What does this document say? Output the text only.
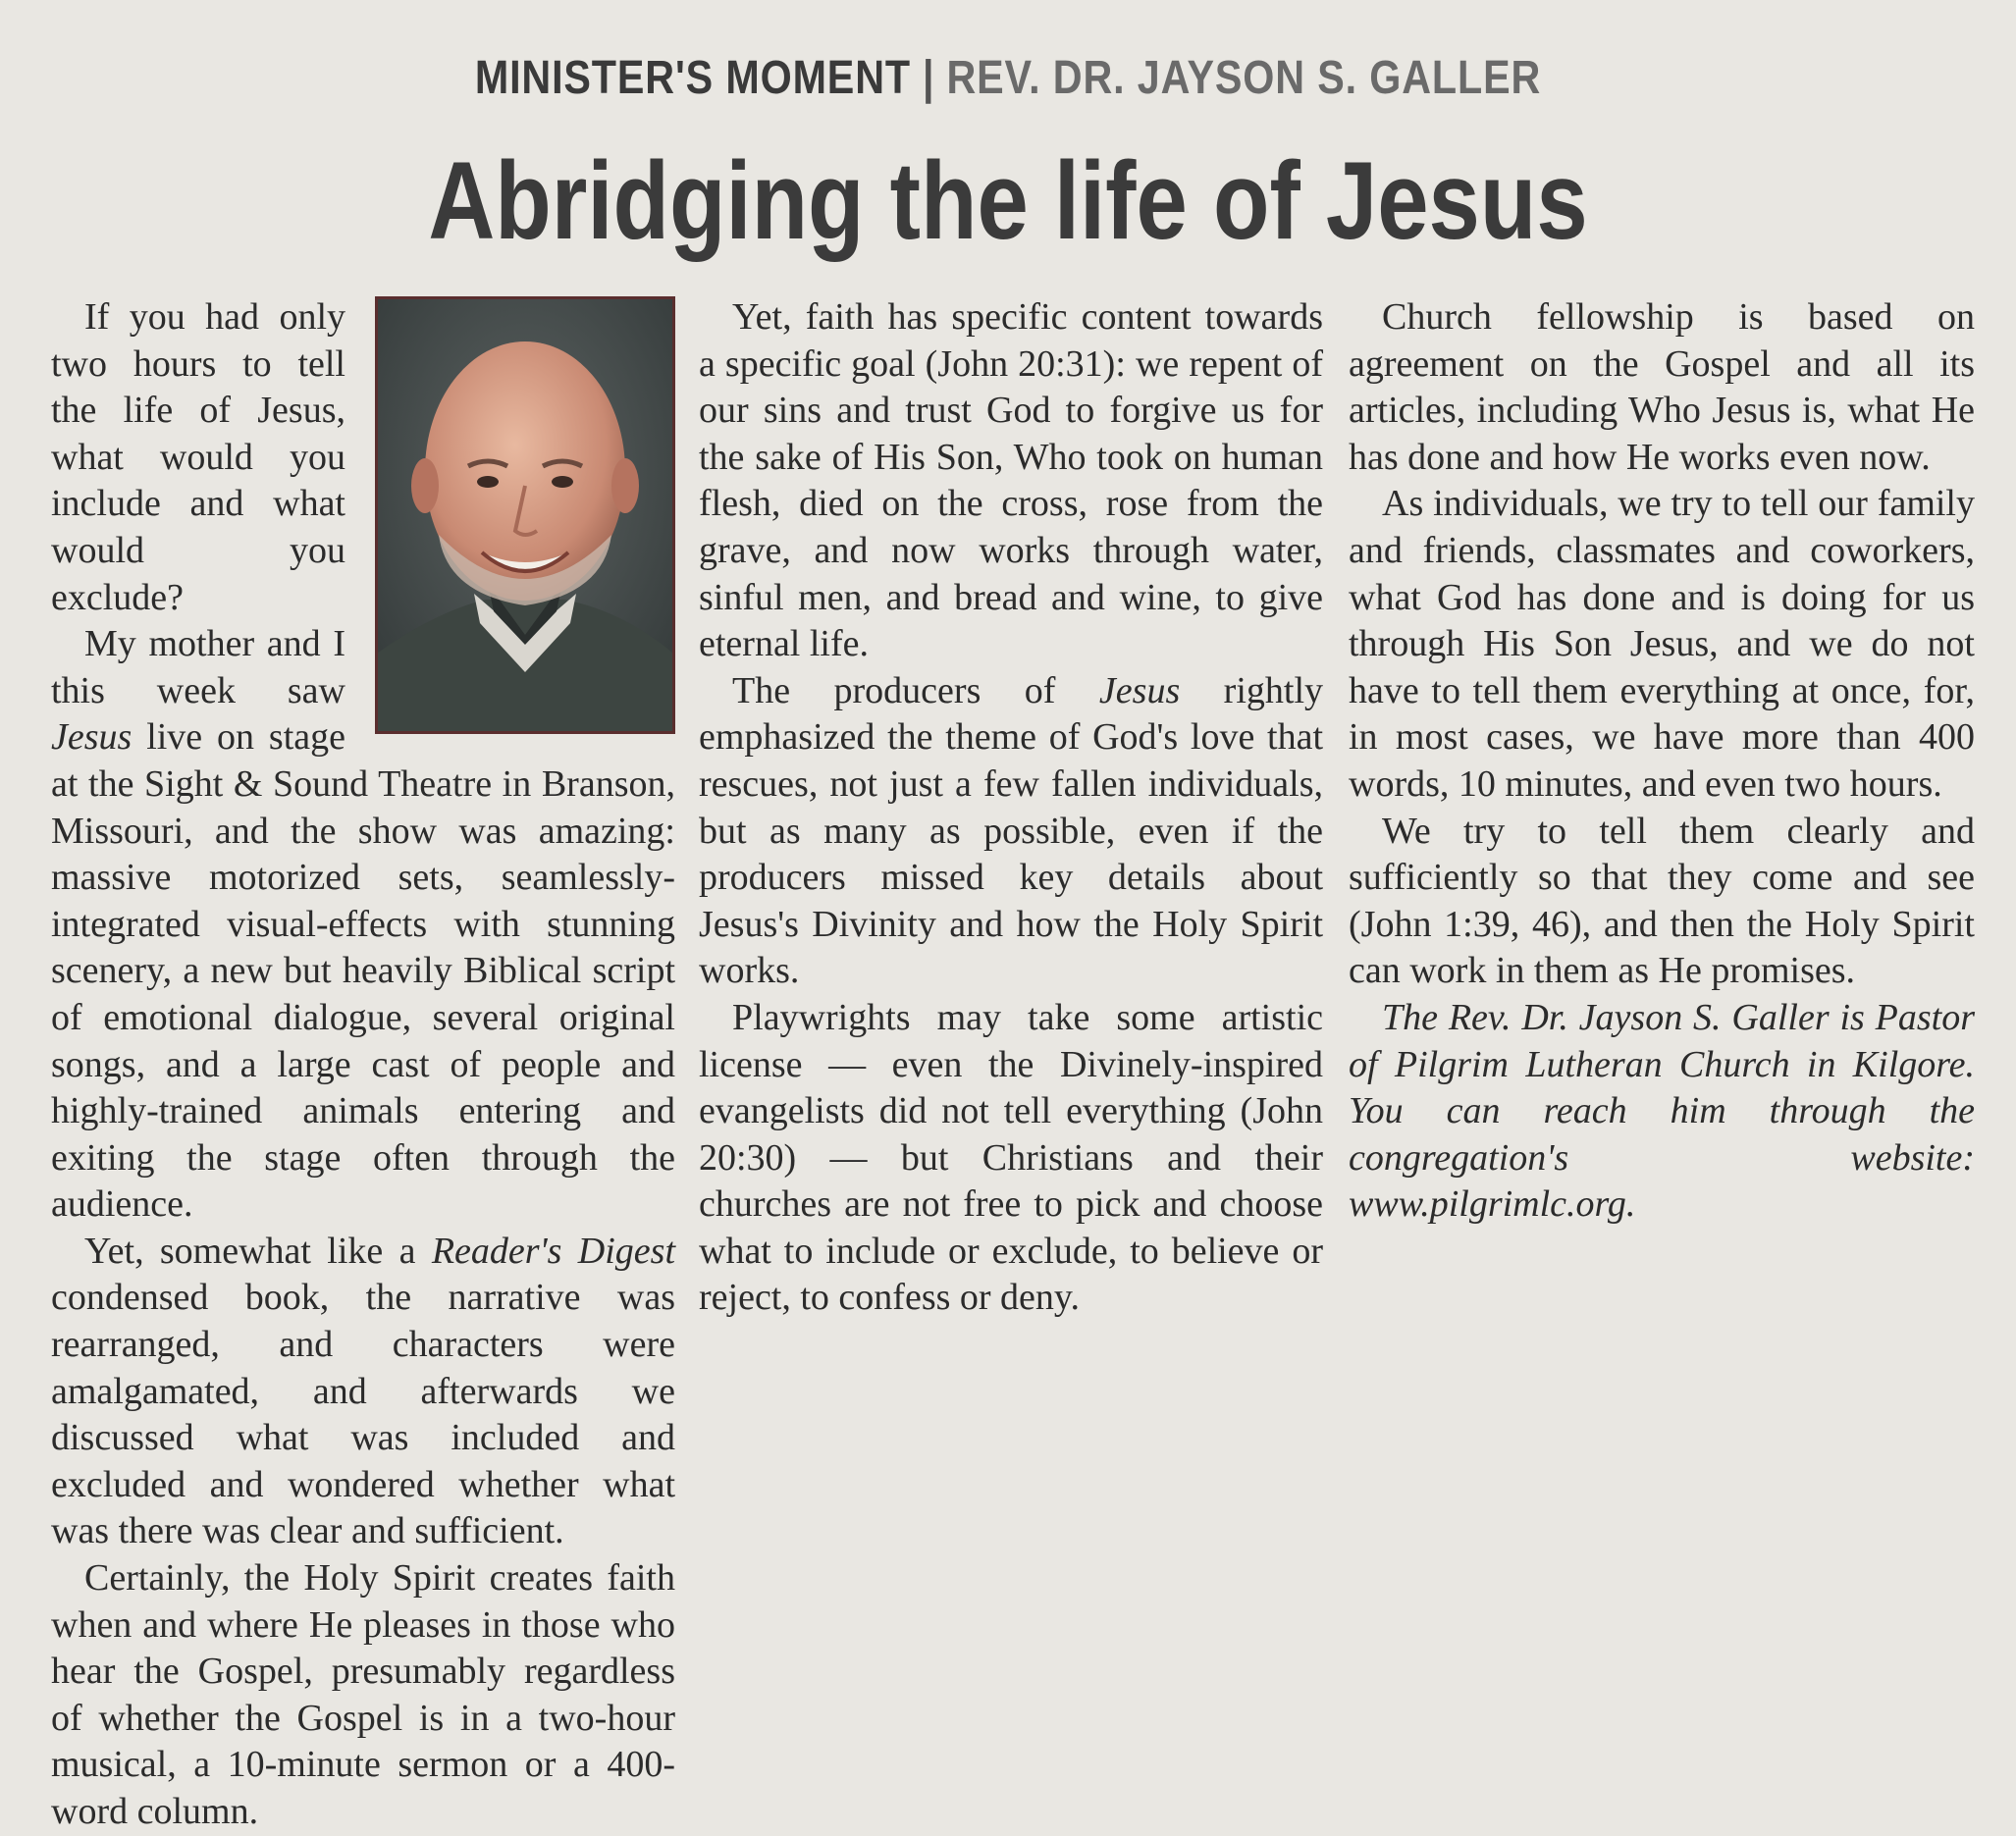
MINISTER'S MOMENT | REV. DR. JAYSON S. GALLER
Abridging the life of Jesus

If you had only two hours to tell the life of Jesus, what would you include and what would you exclude?

My mother and I this week saw Jesus live on stage at the Sight & Sound Theatre in Branson, Missouri, and the show was amazing: massive motorized sets, seamlessly-integrated visual-effects with stunning scenery, a new but heavily Biblical script of emotional dialogue, several original songs, and a large cast of people and highly-trained animals entering and exiting the stage often through the audience.

Yet, somewhat like a Reader's Digest condensed book, the narrative was rearranged, and characters were amalgamated, and afterwards we discussed what was included and excluded and wondered whether what was there was clear and sufficient.

Certainly, the Holy Spirit creates faith when and where He pleases in those who hear the Gospel, presumably regardless of whether the Gospel is in a two-hour musical, a 10-minute sermon or a 400-word column.

Yet, faith has specific content towards a specific goal (John 20:31): we repent of our sins and trust God to forgive us for the sake of His Son, Who took on human flesh, died on the cross, rose from the grave, and now works through water, sinful men, and bread and wine, to give eternal life.

The producers of Jesus rightly emphasized the theme of God's love that rescues, not just a few fallen individuals, but as many as possible, even if the producers missed key details about Jesus's Divinity and how the Holy Spirit works.

Playwrights may take some artistic license — even the Divinely-inspired evangelists did not tell everything (John 20:30) — but Christians and their churches are not free to pick and choose what to include or exclude, to believe or reject, to confess or deny.

Church fellowship is based on agreement on the Gospel and all its articles, including Who Jesus is, what He has done and how He works even now.

As individuals, we try to tell our family and friends, classmates and coworkers, what God has done and is doing for us through His Son Jesus, and we do not have to tell them everything at once, for, in most cases, we have more than 400 words, 10 minutes, and even two hours.

We try to tell them clearly and sufficiently so that they come and see (John 1:39, 46), and then the Holy Spirit can work in them as He promises.

The Rev. Dr. Jayson S. Galler is Pastor of Pilgrim Lutheran Church in Kilgore. You can reach him through the congregation's website: www.pilgrimlc.org.
